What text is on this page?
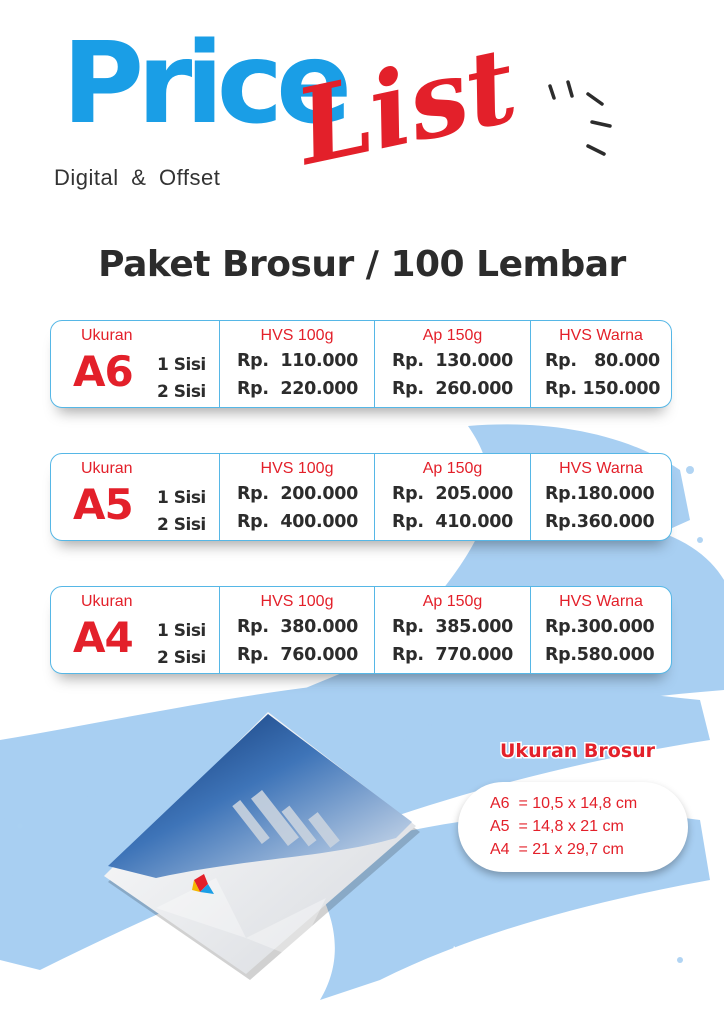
Price
Digital & Offset List
Paket Brosur / 100 Lembar
Ukuran
A6 1 Sisi
2 Sisi
HVS 100g
Rp.  110.000
Rp.  220.000
Ap 150g
Rp.  130.000
Rp.  260.000
HVS Warna
Rp.   80.000
Rp. 150.000
Ukuran
A5 1 Sisi
2 Sisi
HVS 100g
Rp.  200.000
Rp.  400.000
Ap 150g
Rp.  205.000
Rp.  410.000
HVS Warna
Rp.180.000
Rp.360.000
Ukuran
A4 1 Sisi
2 Sisi
HVS 100g
Rp.  380.000
Rp.  760.000
Ap 150g
Rp.  385.000
Rp.  770.000
HVS Warna
Rp.300.000
Rp.580.000
Ukuran Brosur
A6  = 10,5 x 14,8 cm
A5  = 14,8 x 21 cm
A4  = 21 x 29,7 cm
Harga sewaktu-waktu dapat berubah
tanpa pemberitahuan
